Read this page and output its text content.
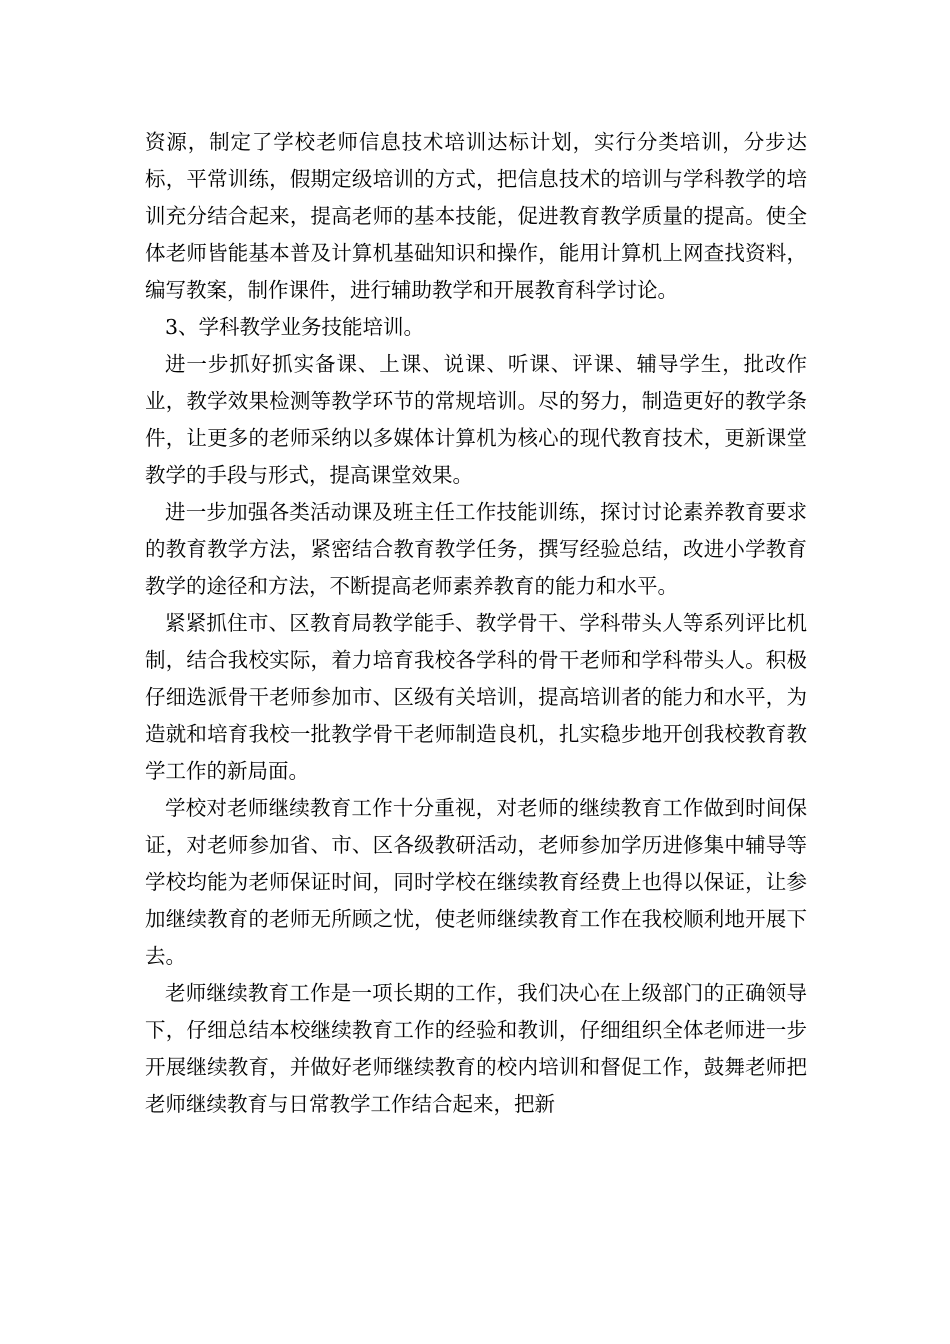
资源，制定了学校老师信息技术培训达标计划，实行分类培训，分步达标，平常训练，假期定级培训的方式，把信息技术的培训与学科教学的培训充分结合起来，提高老师的基本技能，促进教育教学质量的提高。使全体老师皆能基本普及计算机基础知识和操作，能用计算机上网查找资料，编写教案，制作课件，进行辅助教学和开展教育科学讨论。

3、学科教学业务技能培训。

进一步抓好抓实备课、上课、说课、听课、评课、辅导学生，批改作业，教学效果检测等教学环节的常规培训。尽的努力，制造更好的教学条件，让更多的老师采纳以多媒体计算机为核心的现代教育技术，更新课堂教学的手段与形式，提高课堂效果。

进一步加强各类活动课及班主任工作技能训练，探讨讨论素养教育要求的教育教学方法，紧密结合教育教学任务，撰写经验总结，改进小学教育教学的途径和方法，不断提高老师素养教育的能力和水平。

紧紧抓住市、区教育局教学能手、教学骨干、学科带头人等系列评比机制，结合我校实际，着力培育我校各学科的骨干老师和学科带头人。积极仔细选派骨干老师参加市、区级有关培训，提高培训者的能力和水平，为造就和培育我校一批教学骨干老师制造良机，扎实稳步地开创我校教育教学工作的新局面。

学校对老师继续教育工作十分重视，对老师的继续教育工作做到时间保证，对老师参加省、市、区各级教研活动，老师参加学历进修集中辅导等学校均能为老师保证时间，同时学校在继续教育经费上也得以保证，让参加继续教育的老师无所顾之忧，使老师继续教育工作在我校顺利地开展下去。

老师继续教育工作是一项长期的工作，我们决心在上级部门的正确领导下，仔细总结本校继续教育工作的经验和教训，仔细组织全体老师进一步开展继续教育，并做好老师继续教育的校内培训和督促工作，鼓舞老师把老师继续教育与日常教学工作结合起来，把新
